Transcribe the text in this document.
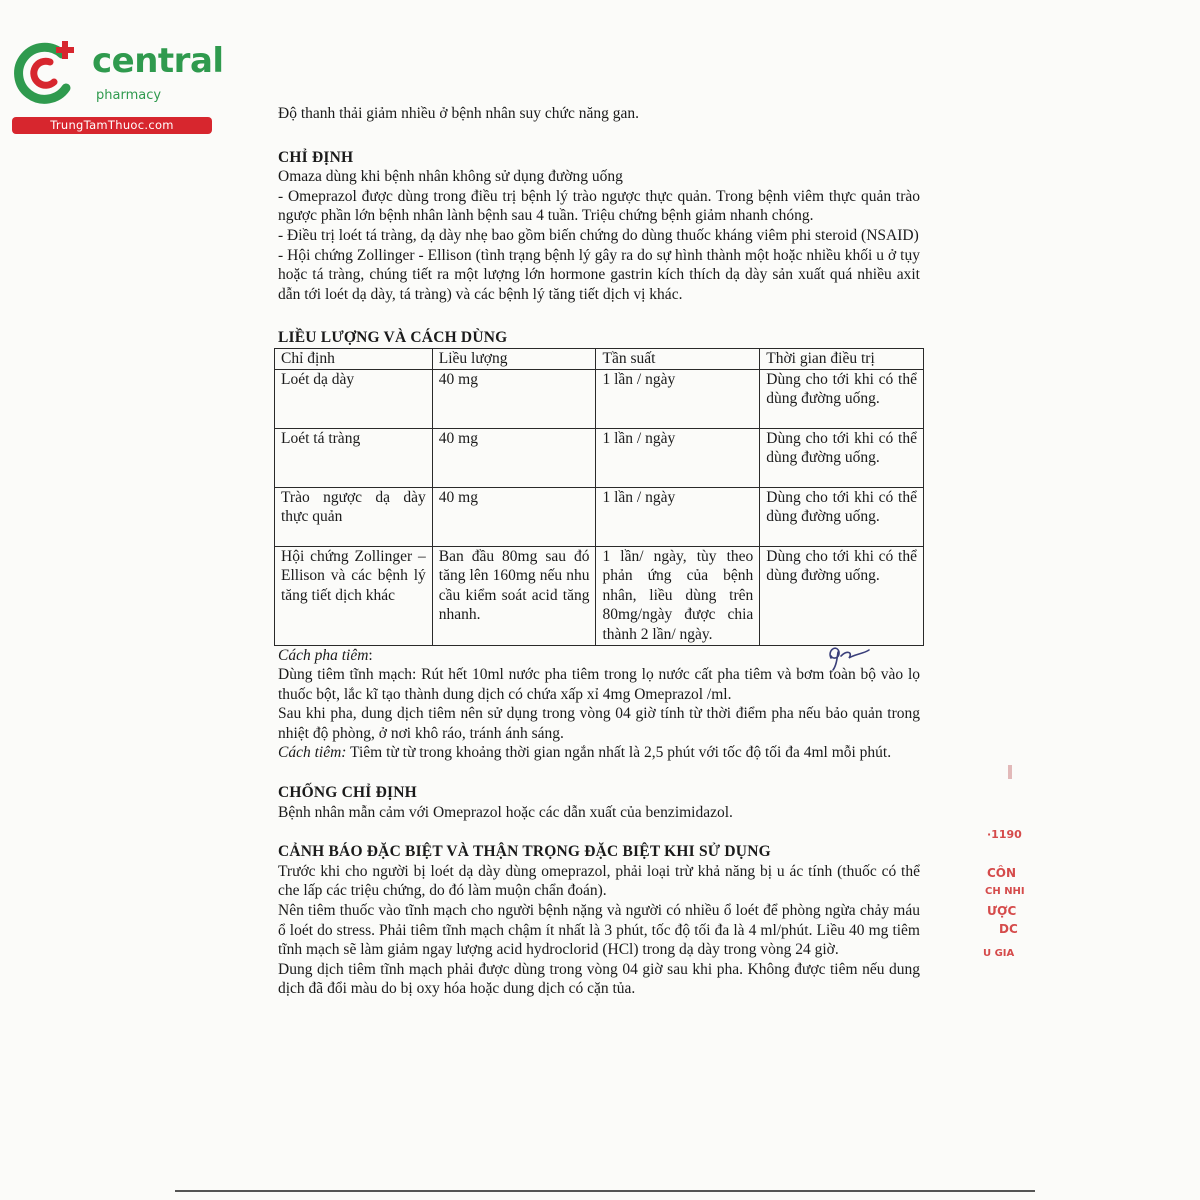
central
pharmacy
TrungTamThuoc.com

Độ thanh thải giảm nhiều ở bệnh nhân suy chức năng gan.

CHỈ ĐỊNH

Omaza dùng khi bệnh nhân không sử dụng đường uống

- Omeprazol được dùng trong điều trị bệnh lý trào ngược thực quản. Trong bệnh viêm thực quản trào ngược phần lớn bệnh nhân lành bệnh sau 4 tuần. Triệu chứng bệnh giảm nhanh chóng.

- Điều trị loét tá tràng, dạ dày nhẹ bao gồm biến chứng do dùng thuốc kháng viêm phi steroid (NSAID)

- Hội chứng Zollinger - Ellison (tình trạng bệnh lý gây ra do sự hình thành một hoặc nhiều khối u ở tụy hoặc tá tràng, chúng tiết ra một lượng lớn hormone gastrin kích thích dạ dày sản xuất quá nhiều axit dẫn tới loét dạ dày, tá tràng) và các bệnh lý tăng tiết dịch vị khác.

LIỀU LƯỢNG VÀ CÁCH DÙNG
Chỉ định	Liều lượng	Tần suất	Thời gian điều trị
Loét dạ dày	40 mg	1 lần / ngày	Dùng cho tới khi có thể dùng đường uống.
Loét tá tràng	40 mg	1 lần / ngày	Dùng cho tới khi có thể dùng đường uống.
Trào ngược dạ dày thực quản	40 mg	1 lần / ngày	Dùng cho tới khi có thể dùng đường uống.
Hội chứng Zollinger – Ellison và các bệnh lý tăng tiết dịch khác	Ban đầu 80mg sau đó tăng lên 160mg nếu nhu cầu kiểm soát acid tăng nhanh.	1 lần/ ngày, tùy theo phản ứng của bệnh nhân, liều dùng trên 80mg/ngày được chia thành 2 lần/ ngày.	Dùng cho tới khi có thể dùng đường uống.

Cách pha tiêm:

Dùng tiêm tĩnh mạch: Rút hết 10ml nước pha tiêm trong lọ nước cất pha tiêm và bơm toàn bộ vào lọ thuốc bột, lắc kĩ tạo thành dung dịch có chứa xấp xỉ 4mg Omeprazol /ml.

Sau khi pha, dung dịch tiêm nên sử dụng trong vòng 04 giờ tính từ thời điểm pha nếu bảo quản trong nhiệt độ phòng, ở nơi khô ráo, tránh ánh sáng.

Cách tiêm: Tiêm từ từ trong khoảng thời gian ngắn nhất là 2,5 phút với tốc độ tối đa 4ml mỗi phút.

CHỐNG CHỈ ĐỊNH

Bệnh nhân mẫn cảm với Omeprazol hoặc các dẫn xuất của benzimidazol.

CẢNH BÁO ĐẶC BIỆT VÀ THẬN TRỌNG ĐẶC BIỆT KHI SỬ DỤNG

Trước khi cho người bị loét dạ dày dùng omeprazol, phải loại trừ khả năng bị u ác tính (thuốc có thể che lấp các triệu chứng, do đó làm muộn chẩn đoán).

Nên tiêm thuốc vào tĩnh mạch cho người bệnh nặng và người có nhiều ổ loét để phòng ngừa chảy máu ổ loét do stress. Phải tiêm tĩnh mạch chậm ít nhất là 3 phút, tốc độ tối đa là 4 ml/phút. Liều 40 mg tiêm tĩnh mạch sẽ làm giảm ngay lượng acid hydroclorid (HCl) trong dạ dày trong vòng 24 giờ.

Dung dịch tiêm tĩnh mạch phải được dùng trong vòng 04 giờ sau khi pha. Không được tiêm nếu dung dịch đã đổi màu do bị oxy hóa hoặc dung dịch có cặn tủa.

·1190
CÔN
CH NHI
ƯỢC
DC
U GIA
